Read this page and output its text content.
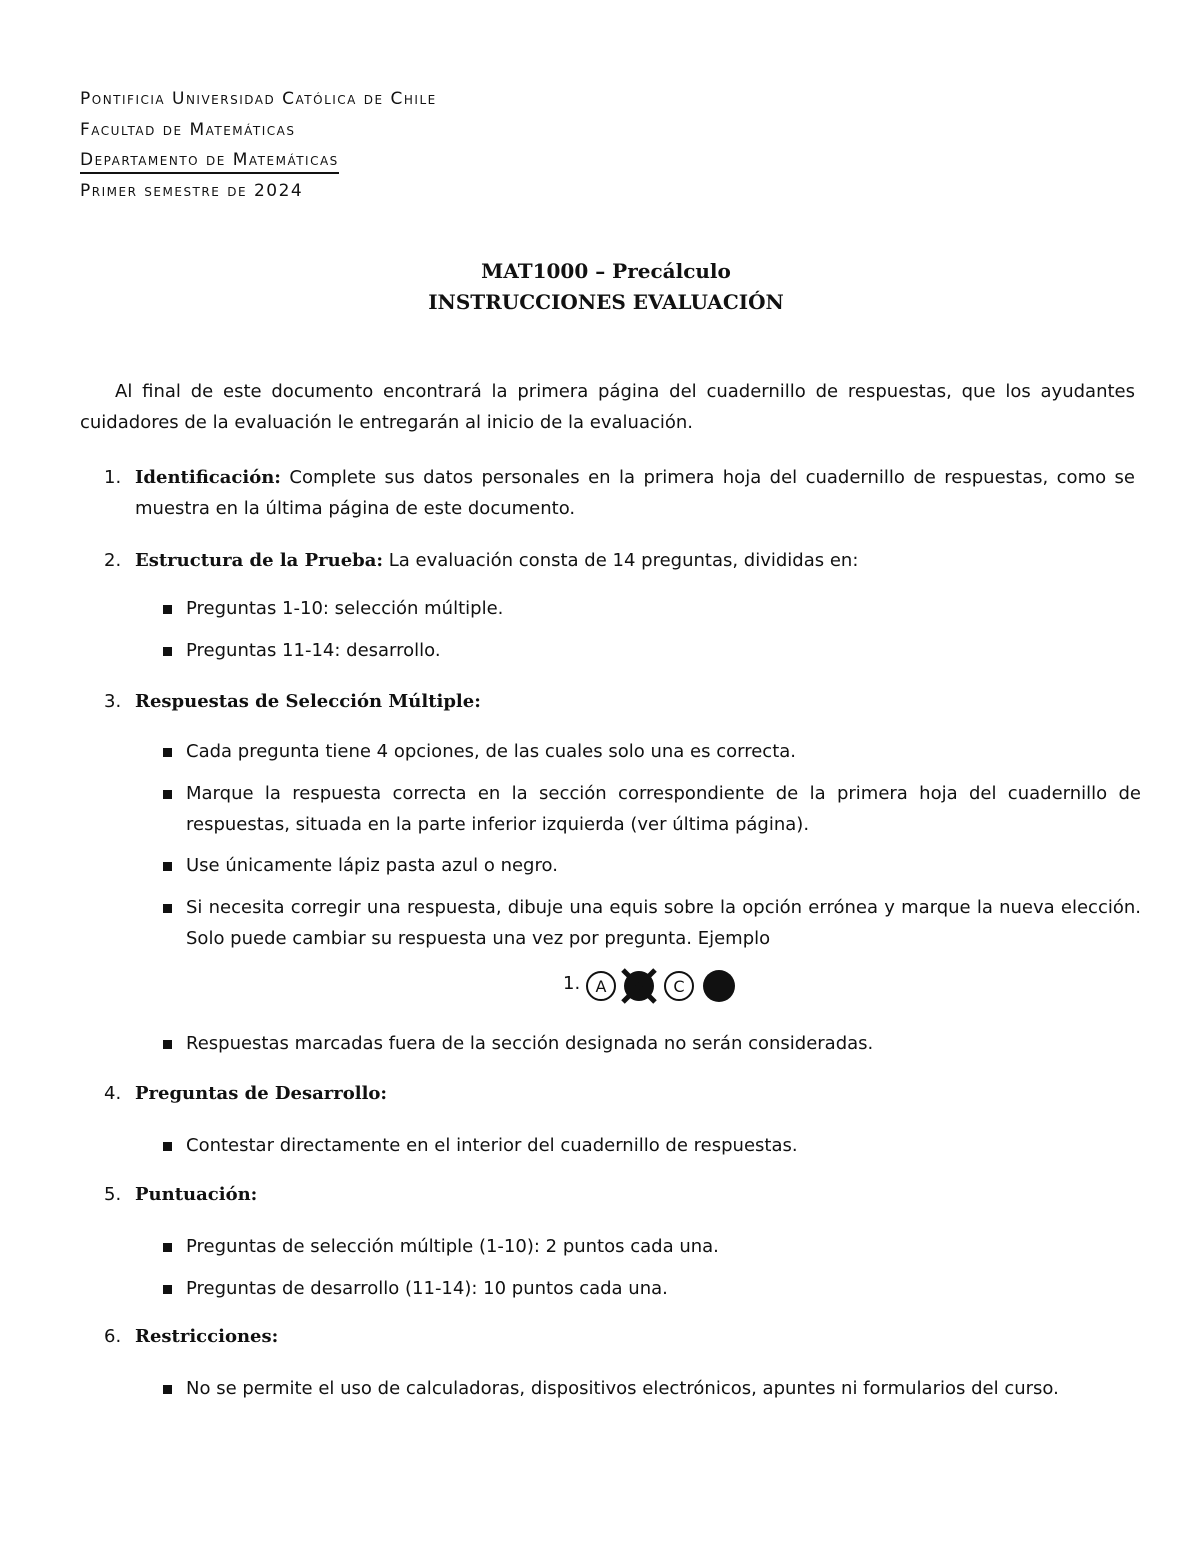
Pontificia Universidad Católica de Chile
Facultad de Matemáticas
Departamento de Matemáticas
Primer semestre de 2024
MAT1000 – Precálculo
INSTRUCCIONES EVALUACIÓN
Al final de este documento encontrará la primera página del cuadernillo de respuestas, que los ayudantes
cuidadores de la evaluación le entregarán al inicio de la evaluación.
1. Identificación: Complete sus datos personales en la primera hoja del cuadernillo de respuestas, como se muestra en la última página de este documento.
2. Estructura de la Prueba: La evaluación consta de 14 preguntas, divididas en:
3. Respuestas de Selección Múltiple:
4. Preguntas de Desarrollo:
5. Puntuación:
6. Restricciones:
Preguntas 1-10: selección múltiple.
Preguntas 11-14: desarrollo.
Cada pregunta tiene 4 opciones, de las cuales solo una es correcta.
Marque la respuesta correcta en la sección correspondiente de la primera hoja del cuadernillo de respuestas, situada en la parte inferior izquierda (ver última página).
Use únicamente lápiz pasta azul o negro.
Si necesita corregir una respuesta, dibuje una equis sobre la opción errónea y marque la nueva elección. Solo puede cambiar su respuesta una vez por pregunta. Ejemplo
1. A	C
Respuestas marcadas fuera de la sección designada no serán consideradas.
Contestar directamente en el interior del cuadernillo de respuestas.
Preguntas de selección múltiple (1-10): 2 puntos cada una.
Preguntas de desarrollo (11-14): 10 puntos cada una.
No se permite el uso de calculadoras, dispositivos electrónicos, apuntes ni formularios del curso.
